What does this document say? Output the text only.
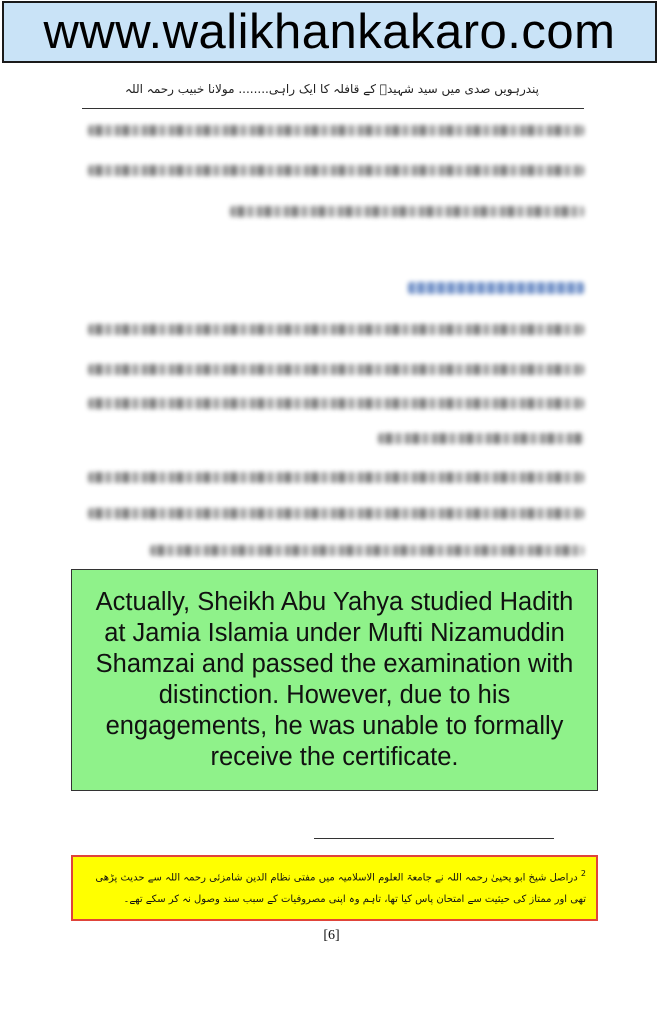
www.walikhankakaro.com
پندرہویں صدی میں سید شہیدؒ کے قافلہ کا ایک راہی........ مولانا خبیب رحمہ اللہ

Actually, Sheikh Abu Yahya studied Hadith at Jamia Islamia under Mufti Nizamuddin Shamzai and passed the examination with distinction. However, due to his engagements, he was unable to formally receive the certificate.

$^2$ دراصل شیخ ابو یحییٰ رحمہ اللہ نے جامعۃ العلوم الاسلامیہ میں مفتی نظام الدین شامزئی رحمہ اللہ سے حدیث پڑھی تھی اور ممتاز کی حیثیت سے امتحان پاس کیا تھا، تاہم وہ اپنی مصروفیات کے سبب سند وصول نہ کر سکے تھے۔
[6]
